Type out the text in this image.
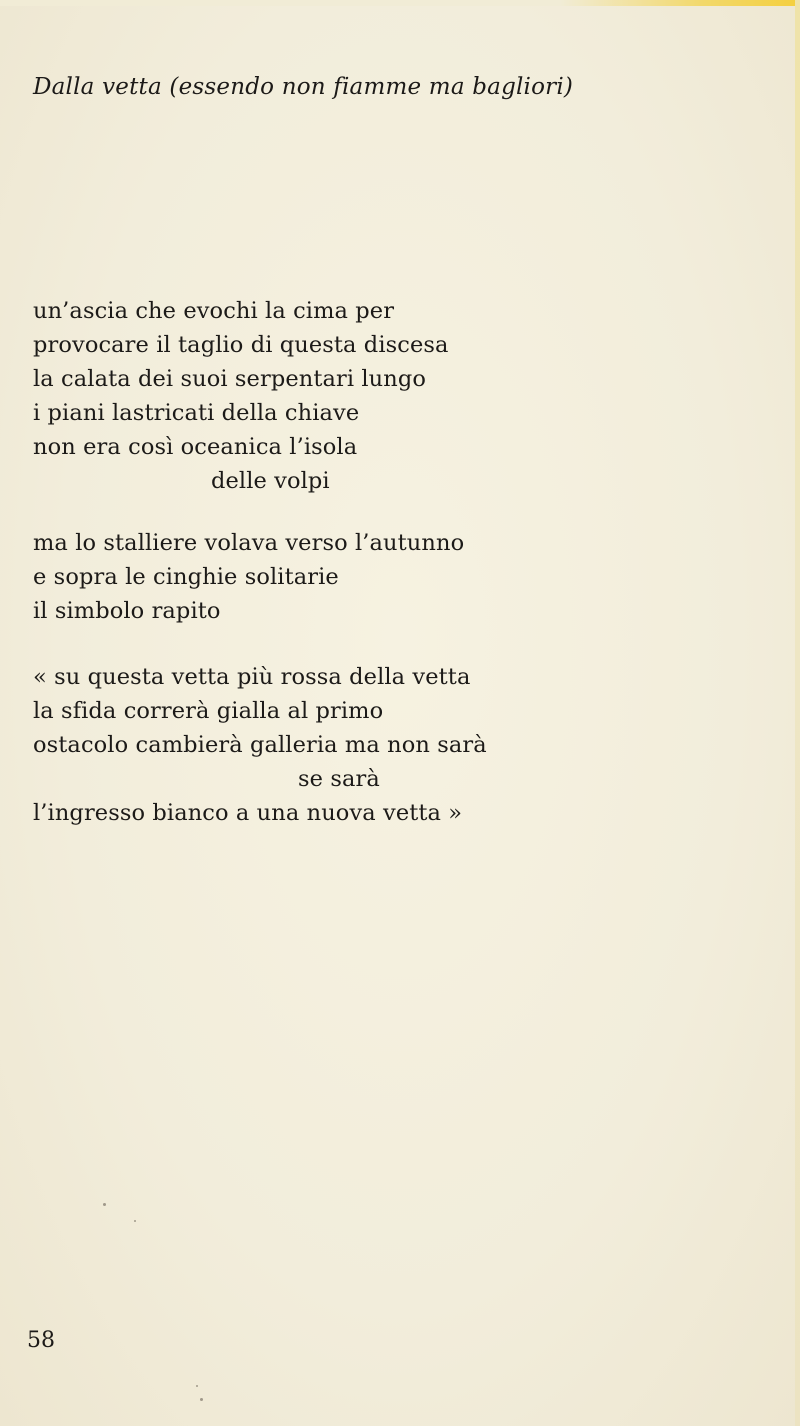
Dalla vetta (essendo non fiamme ma bagliori)
un’ascia che evochi la cima per
provocare il taglio di questa discesa
la calata dei suoi serpentari lungo
i piani lastricati della chiave
non era così oceanica l’isola
delle volpi
ma lo stalliere volava verso l’autunno
e sopra le cinghie solitarie
il simbolo rapito
« su questa vetta più rossa della vetta
la sfida correrà gialla al primo
ostacolo cambierà galleria ma non sarà
se sarà
l’ingresso bianco a una nuova vetta »

58
